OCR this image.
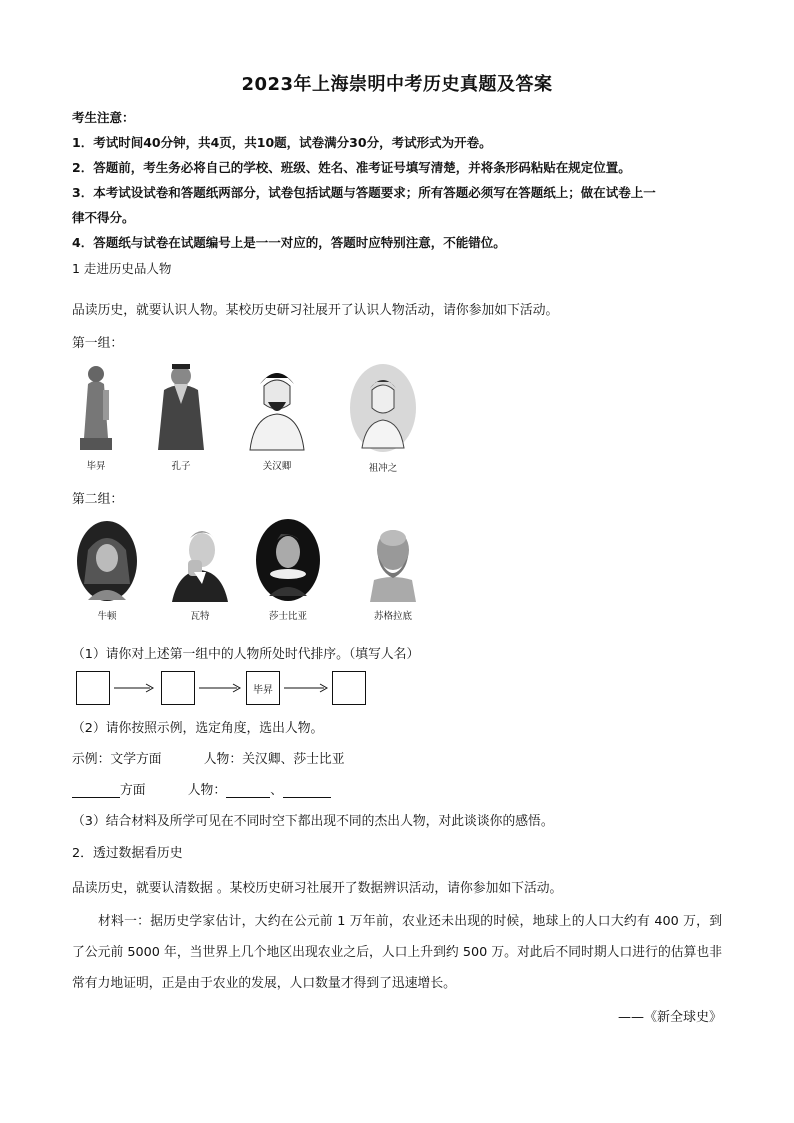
2023年上海崇明中考历史真题及答案
考生注意：
1．考试时间40分钟，共4页，共10题，试卷满分30分，考试形式为开卷。
2．答题前，考生务必将自己的学校、班级、姓名、准考证号填写清楚，并将条形码粘贴在规定位置。
3．本考试设试卷和答题纸两部分，试卷包括试题与答题要求；所有答题必须写在答题纸上；做在试卷上一
律不得分。
4．答题纸与试卷在试题编号上是一一对应的，答题时应特别注意，不能错位。
1 走进历史品人物
品读历史，就要认识人物。某校历史研习社展开了认识人物活动，请你参加如下活动。
第一组：
毕昇	孔子	关汉卿	祖冲之
第二组：
牛顿	瓦特	莎士比亚	苏格拉底
（1）请你对上述第一组中的人物所处时代排序。（填写人名）
毕昇
（2）请你按照示例，选定角度，选出人物。
示例：文学方面	人物：关汉卿、莎士比亚
方面	人物：	、
（3）结合材料及所学可见在不同时空下都出现不同的杰出人物，对此谈谈你的感悟。
2．透过数据看历史
品读历史，就要认清数据 。某校历史研习社展开了数据辨识活动，请你参加如下活动。
材料一：据历史学家估计，大约在公元前 1 万年前，农业还未出现的时候，地球上的人口大约有 400 万，到了公元前 5000 年，当世界上几个地区出现农业之后，人口上升到约 500 万。对此后不同时期人口进行的估算也非常有力地证明，正是由于农业的发展，人口数量才得到了迅速增长。
——《新全球史》
